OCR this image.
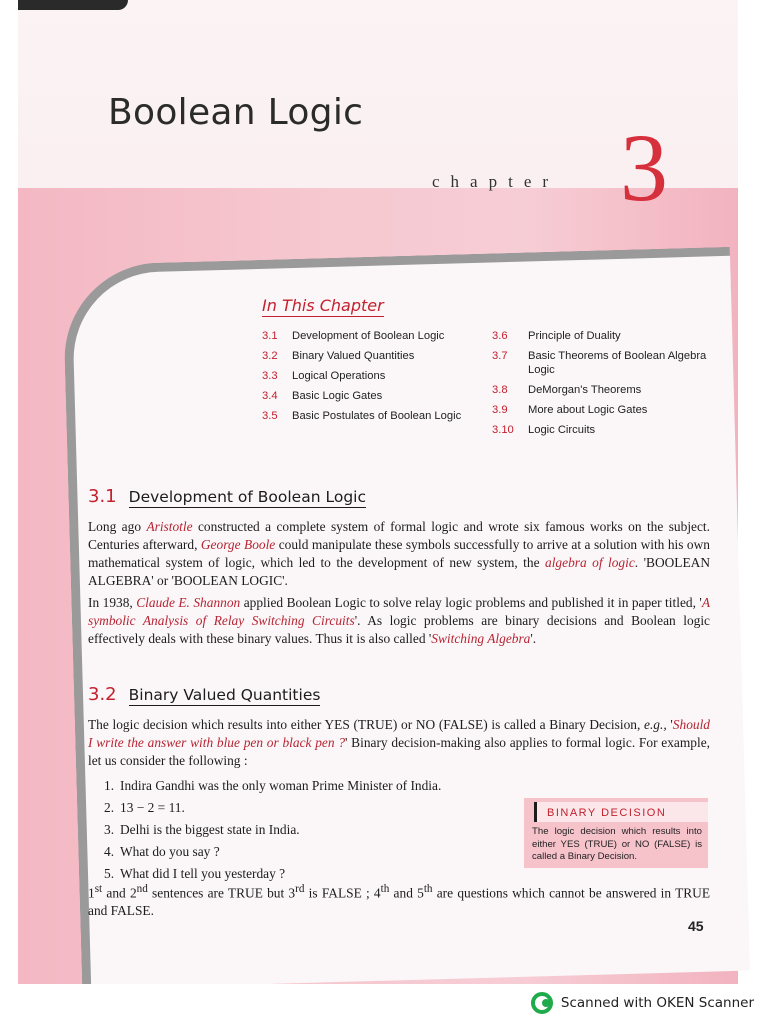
Boolean Logic
chapter 3
In This Chapter
3.1	Development of Boolean Logic
3.2	Binary Valued Quantities
3.3	Logical Operations
3.4	Basic Logic Gates
3.5	Basic Postulates of Boolean Logic
3.6	Principle of Duality
3.7	Basic Theorems of Boolean Algebra Logic
3.8	DeMorgan's Theorems
3.9	More about Logic Gates
3.10	Logic Circuits
3.1 Development of Boolean Logic

Long ago Aristotle constructed a complete system of formal logic and wrote six famous works on the subject. Centuries afterward, George Boole could manipulate these symbols successfully to arrive at a solution with his own mathematical system of logic, which led to the development of new system, the algebra of logic. 'BOOLEAN ALGEBRA' or 'BOOLEAN LOGIC'.

In 1938, Claude E. Shannon applied Boolean Logic to solve relay logic problems and published it in paper titled, 'A symbolic Analysis of Relay Switching Circuits'. As logic problems are binary decisions and Boolean logic effectively deals with these binary values. Thus it is also called 'Switching Algebra'.

3.2 Binary Valued Quantities

The logic decision which results into either YES (TRUE) or NO (FALSE) is called a Binary Decision, e.g., 'Should I write the answer with blue pen or black pen ?' Binary decision-making also applies to formal logic. For example, let us consider the following :

1. Indira Gandhi was the only woman Prime Minister of India.
2. 13 − 2 = 11.
3. Delhi is the biggest state in India.
4. What do you say ?
5. What did I tell you yesterday ?
BINARY DECISION
The logic decision which results into either YES (TRUE) or NO (FALSE) is called a Binary Decision.

1st and 2nd sentences are TRUE but 3rd is FALSE ; 4th and 5th are questions which cannot be answered in TRUE and FALSE.

45
Scanned with OKEN Scanner
